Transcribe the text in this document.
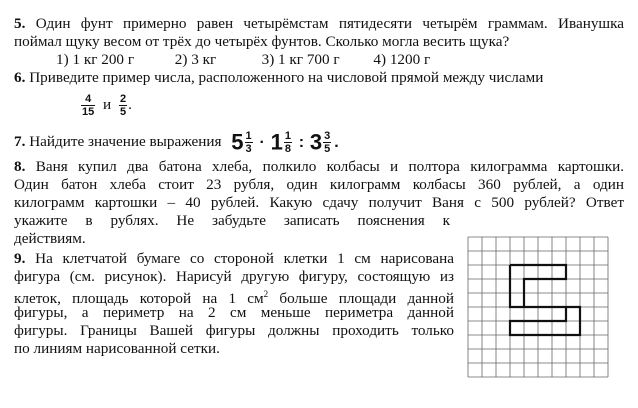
5. Один фунт примерно равен четырёмстам пятидесяти четырём граммам. Иванушка
поймал щуку весом от трёх до четырёх фунтов. Сколько могла весить щука?
1) 1 кг 200 г	2) 3 кг	3) 1 кг 700 г 4) 1200 г
6. Приведите пример числа, расположенного на числовой прямой между числами
$\frac{4}{15}$ и $\frac{2}{5}$ .
7. Найдите значение выражения $5 \frac{1}{3} \cdot 1 \frac{1}{8}$ : $3 \frac{3}{5}$ .
8. Ваня купил два батона хлеба, полкило колбасы и полтора килограмма картошки.
Один батон хлеба стоит 23 рубля, один килограмм колбасы 360 рублей, а один
килограмм картошки – 40 рублей. Какую сдачу получит Ваня с 500 рублей? Ответ
укажите в рублях. Не забудьте записать пояснения к
действиям.
9. На клетчатой бумаге со стороной клетки 1 см нарисована
фигура (см. рисунок). Нарисуй другую фигуру, состоящую из
клеток, площадь которой на 1 $см^2$ больше площади данной
фигуры, а периметр на 2 см меньше периметра данной
фигуры. Границы Вашей фигуры должны проходить только
по линиям нарисованной сетки.
